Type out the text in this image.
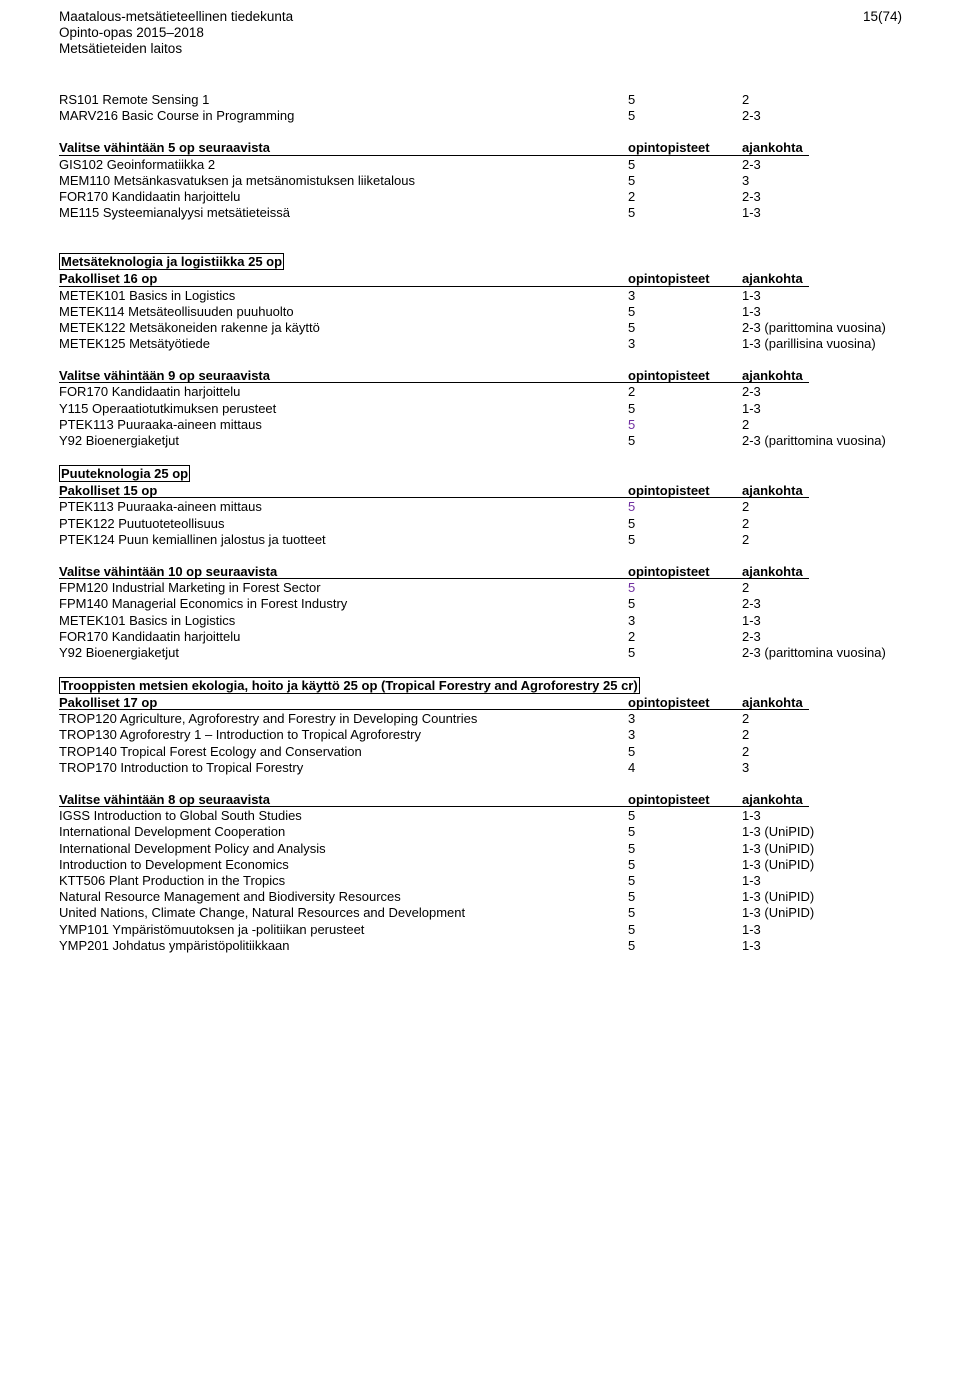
Maatalous-metsätieteellinen tiedekunta
Opinto-opas 2015–2018
Metsätieteiden laitos
15(74)
RS101 Remote Sensing 1	5	2
MARV216 Basic Course in Programming	5	2-3
Valitse vähintään 5 op seuraavista	opintopisteet ajankohta
GIS102 Geoinformatiikka 2	5	2-3
MEM110 Metsänkasvatuksen ja metsänomistuksen liiketalous	5	3
FOR170 Kandidaatin harjoittelu	2	2-3
ME115 Systeemianalyysi metsätieteissä	5	1-3
Metsäteknologia ja logistiikka 25 op
Pakolliset 16 op	opintopisteet ajankohta
METEK101 Basics in Logistics	3	1-3
METEK114 Metsäteollisuuden puuhuolto	5	1-3
METEK122 Metsäkoneiden rakenne ja käyttö	5	2-3 (parittomina vuosina)
METEK125 Metsätyötiede	3	1-3 (parillisina vuosina)
Valitse vähintään 9 op seuraavista	opintopisteet ajankohta
FOR170 Kandidaatin harjoittelu	2	2-3
Y115 Operaatiotutkimuksen perusteet	5	1-3
PTEK113 Puuraaka-aineen mittaus	5	2
Y92 Bioenergiaketjut	5	2-3 (parittomina vuosina)
Puuteknologia 25 op
Pakolliset 15 op	opintopisteet ajankohta
PTEK113 Puuraaka-aineen mittaus	5	2
PTEK122 Puutuoteteollisuus	5	2
PTEK124 Puun kemiallinen jalostus ja tuotteet	5	2
Valitse vähintään 10 op seuraavista	opintopisteet ajankohta
FPM120 Industrial Marketing in Forest Sector	5	2
FPM140 Managerial Economics in Forest Industry	5	2-3
METEK101 Basics in Logistics	3	1-3
FOR170 Kandidaatin harjoittelu	2	2-3
Y92 Bioenergiaketjut	5	2-3 (parittomina vuosina)
Trooppisten metsien ekologia, hoito ja käyttö 25 op (Tropical Forestry and Agroforestry 25 cr)
Pakolliset 17 op	opintopisteet ajankohta
TROP120 Agriculture, Agroforestry and Forestry in Developing Countries	3	2
TROP130 Agroforestry 1 – Introduction to Tropical Agroforestry	3	2
TROP140 Tropical Forest Ecology and Conservation	5	2
TROP170 Introduction to Tropical Forestry	4	3
Valitse vähintään 8 op seuraavista	opintopisteet ajankohta
IGSS Introduction to Global South Studies	5	1-3
International Development Cooperation	5	1-3 (UniPID)
International Development Policy and Analysis	5	1-3 (UniPID)
Introduction to Development Economics	5	1-3 (UniPID)
KTT506 Plant Production in the Tropics	5	1-3
Natural Resource Management and Biodiversity Resources	5	1-3 (UniPID)
United Nations, Climate Change, Natural Resources and Development	5	1-3 (UniPID)
YMP101 Ympäristömuutoksen ja -politiikan perusteet	5	1-3
YMP201 Johdatus ympäristöpolitiikkaan	5	1-3
